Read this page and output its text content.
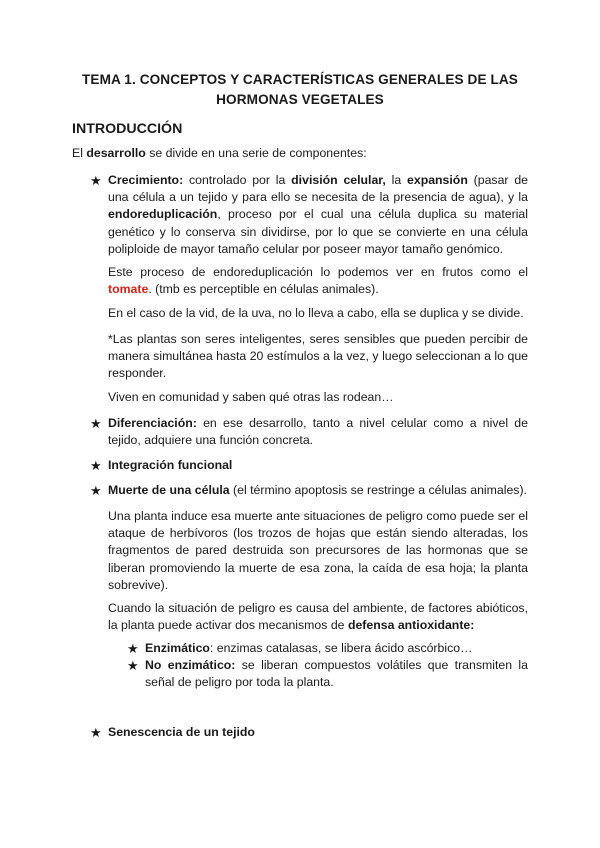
TEMA 1. CONCEPTOS Y CARACTERÍSTICAS GENERALES DE LAS
HORMONAS VEGETALES
INTRODUCCIÓN
El desarrollo se divide en una serie de componentes:
★ Crecimiento: controlado por la división celular, la expansión (pasar de una célula a un tejido y para ello se necesita de la presencia de agua), y la endoreduplicación, proceso por el cual una célula duplica su material genético y lo conserva sin dividirse, por lo que se convierte en una célula poliploide de mayor tamaño celular por poseer mayor tamaño genómico.
Este proceso de endoreduplicación lo podemos ver en frutos como el tomate. (tmb es perceptible en células animales).
En el caso de la vid, de la uva, no lo lleva a cabo, ella se duplica y se divide.
*Las plantas son seres inteligentes, seres sensibles que pueden percibir de manera simultánea hasta 20 estímulos a la vez, y luego seleccionan a lo que responder.
Viven en comunidad y saben qué otras las rodean…
★ Diferenciación: en ese desarrollo, tanto a nivel celular como a nivel de tejido, adquiere una función concreta.
★ Integración funcional
★ Muerte de una célula (el término apoptosis se restringe a células animales).
Una planta induce esa muerte ante situaciones de peligro como puede ser el ataque de herbívoros (los trozos de hojas que están siendo alteradas, los fragmentos de pared destruida son precursores de las hormonas que se liberan promoviendo la muerte de esa zona, la caída de esa hoja; la planta sobrevive).
Cuando la situación de peligro es causa del ambiente, de factores abióticos, la planta puede activar dos mecanismos de defensa antioxidante:
★ Enzimático: enzimas catalasas, se libera ácido ascórbico…
★ No enzimático: se liberan compuestos volátiles que transmiten la señal de peligro por toda la planta.
★ Senescencia de un tejido
